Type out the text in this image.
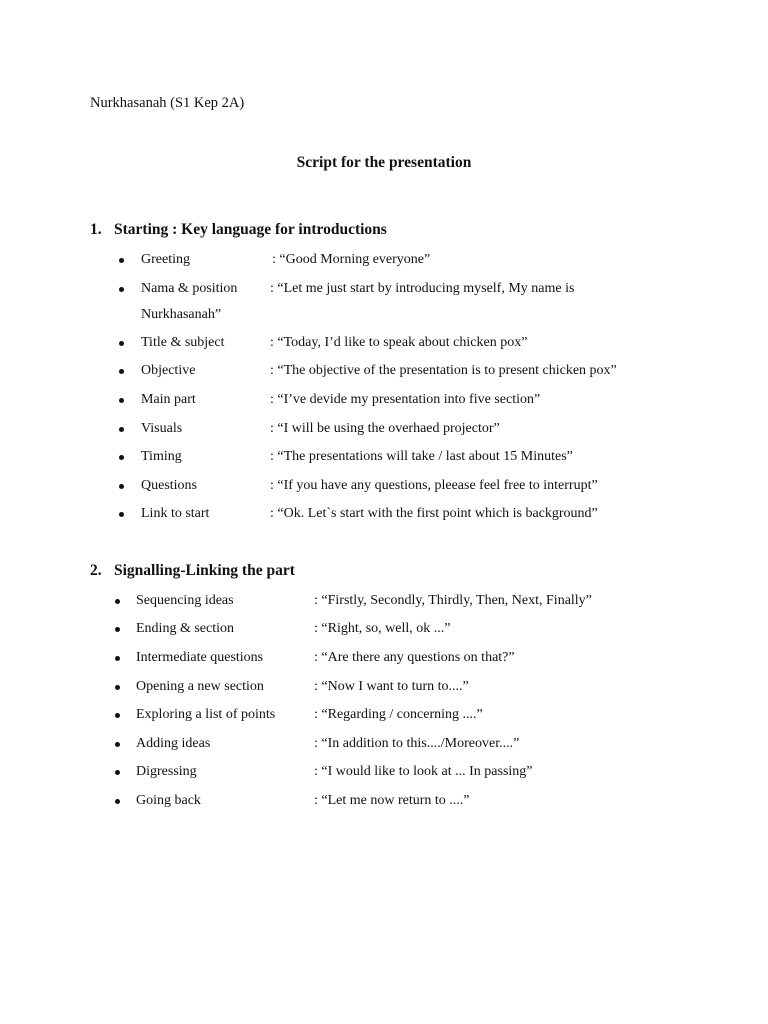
Nurkhasanah (S1 Kep 2A)
Script for the presentation
1. Starting : Key language for introductions
Greeting	: “Good Morning everyone”
Nama & position : “Let me just start by introducing myself, My name is
Nurkhasanah”
Title & subject	: “Today, I’d like to speak about chicken pox”
Objective	: “The objective of the presentation is to present chicken pox”
Main part	: “I’ve devide my presentation into five section”
Visuals	: “I will be using the overhaed projector”
Timing	: “The presentations will take / last about 15 Minutes”
Questions	: “If you have any questions, pleease feel free to interrupt”
Link to start	: “Ok. Let`s start with the first point which is background”
2. Signalling-Linking the part
Sequencing ideas	: “Firstly, Secondly, Thirdly, Then, Next, Finally”
Ending & section	: “Right, so, well, ok ...”
Intermediate questions	: “Are there any questions on that?”
Opening a new section	: “Now I want to turn to....”
Exploring a list of points	: “Regarding / concerning ....”
Adding ideas	: “In addition to this..../Moreover....”
Digressing	: “I would like to look at ... In passing”
Going back	: “Let me now return to ....”
